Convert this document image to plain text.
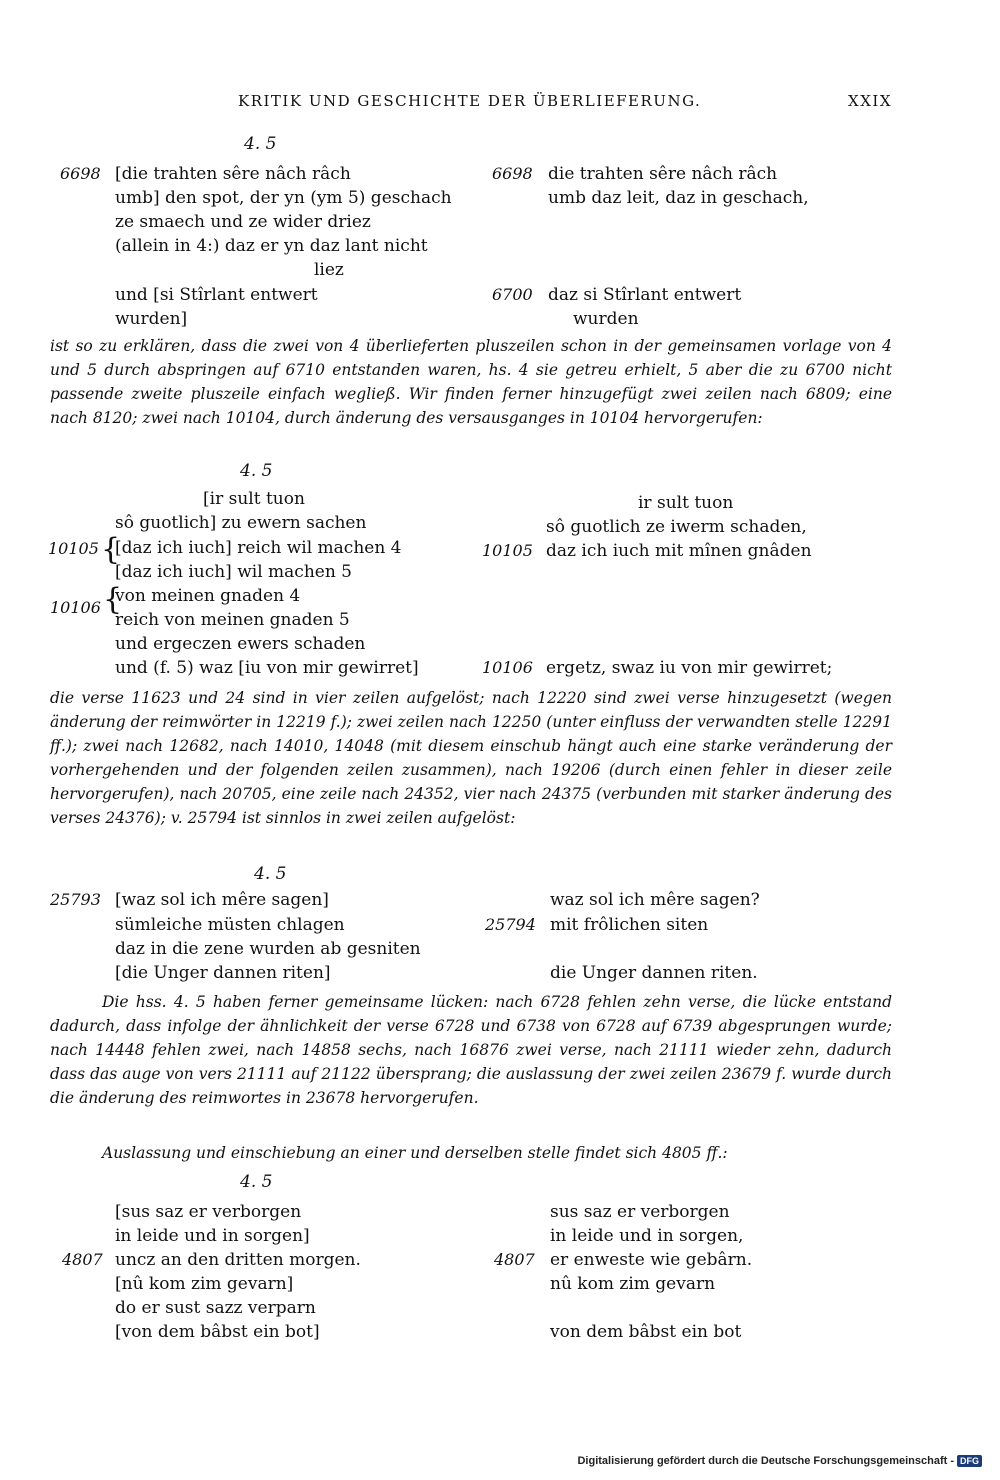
KRITIK UND GESCHICHTE DER ÜBERLIEFERUNG.	XXIX
4. 5
6698 [die trahten sêre nâch râch
umb] den spot, der yn (ym 5) geschach
ze smaech und ze wider driez
(allein in 4:) daz er yn daz lant nicht
liez
und [si Stîrlant entwert
wurden]
6698 die trahten sêre nâch râch
umb daz leit, daz in geschach,
6700 daz si Stîrlant entwert
wurden

ist so zu erklären, dass die zwei von 4 überlieferten pluszeilen schon in der gemeinsamen vorlage von 4 und 5 durch abspringen auf 6710 entstanden waren, hs. 4 sie getreu erhielt, 5 aber die zu 6700 nicht passende zweite pluszeile einfach wegließ. Wir finden ferner hinzugefügt zwei zeilen nach 6809; eine nach 8120; zwei nach 10104, durch änderung des versausganges in 10104 hervorgerufen:

4. 5
[ir sult tuon
sô guotlich] zu ewern sachen
10105 {
[daz ich iuch] reich wil machen 4
[daz ich iuch] wil machen 5
10106 {
von meinen gnaden 4
reich von meinen gnaden 5
und ergeczen ewers schaden
und (f. 5) waz [iu von mir gewirret]
ir sult tuon
sô guotlich ze iwerm schaden,
10105 daz ich iuch mit mînen gnâden
10106 ergetz, swaz iu von mir gewirret;

die verse 11623 und 24 sind in vier zeilen aufgelöst; nach 12220 sind zwei verse hinzugesetzt (wegen änderung der reimwörter in 12219 f.); zwei zeilen nach 12250 (unter einfluss der verwandten stelle 12291 ff.); zwei nach 12682, nach 14010, 14048 (mit diesem einschub hängt auch eine starke veränderung der vorhergehenden und der folgenden zeilen zusammen), nach 19206 (durch einen fehler in dieser zeile hervorgerufen), nach 20705, eine zeile nach 24352, vier nach 24375 (verbunden mit starker änderung des verses 24376); v. 25794 ist sinnlos in zwei zeilen aufgelöst:

4. 5
25793 [waz sol ich mêre sagen]
sümleiche müsten chlagen
daz in die zene wurden ab gesniten
[die Unger dannen riten]
waz sol ich mêre sagen?
25794 mit frôlichen siten
die Unger dannen riten.

Die hss. 4. 5 haben ferner gemeinsame lücken: nach 6728 fehlen zehn verse, die lücke entstand dadurch, dass infolge der ähnlichkeit der verse 6728 und 6738 von 6728 auf 6739 abgesprungen wurde; nach 14448 fehlen zwei, nach 14858 sechs, nach 16876 zwei verse, nach 21111 wieder zehn, dadurch dass das auge von vers 21111 auf 21122 übersprang; die auslassung der zwei zeilen 23679 f. wurde durch die änderung des reimwortes in 23678 hervorgerufen.

Auslassung und einschiebung an einer und derselben stelle findet sich 4805 ff.:

4. 5
[sus saz er verborgen
in leide und in sorgen]
4807 uncz an den dritten morgen.
[nû kom zim gevarn]
do er sust sazz verparn
[von dem bâbst ein bot]
sus saz er verborgen
in leide und in sorgen,
4807 er enweste wie gebârn.
nû kom zim gevarn
von dem bâbst ein bot
Digitalisierung gefördert durch die Deutsche Forschungsgemeinschaft - DFG
